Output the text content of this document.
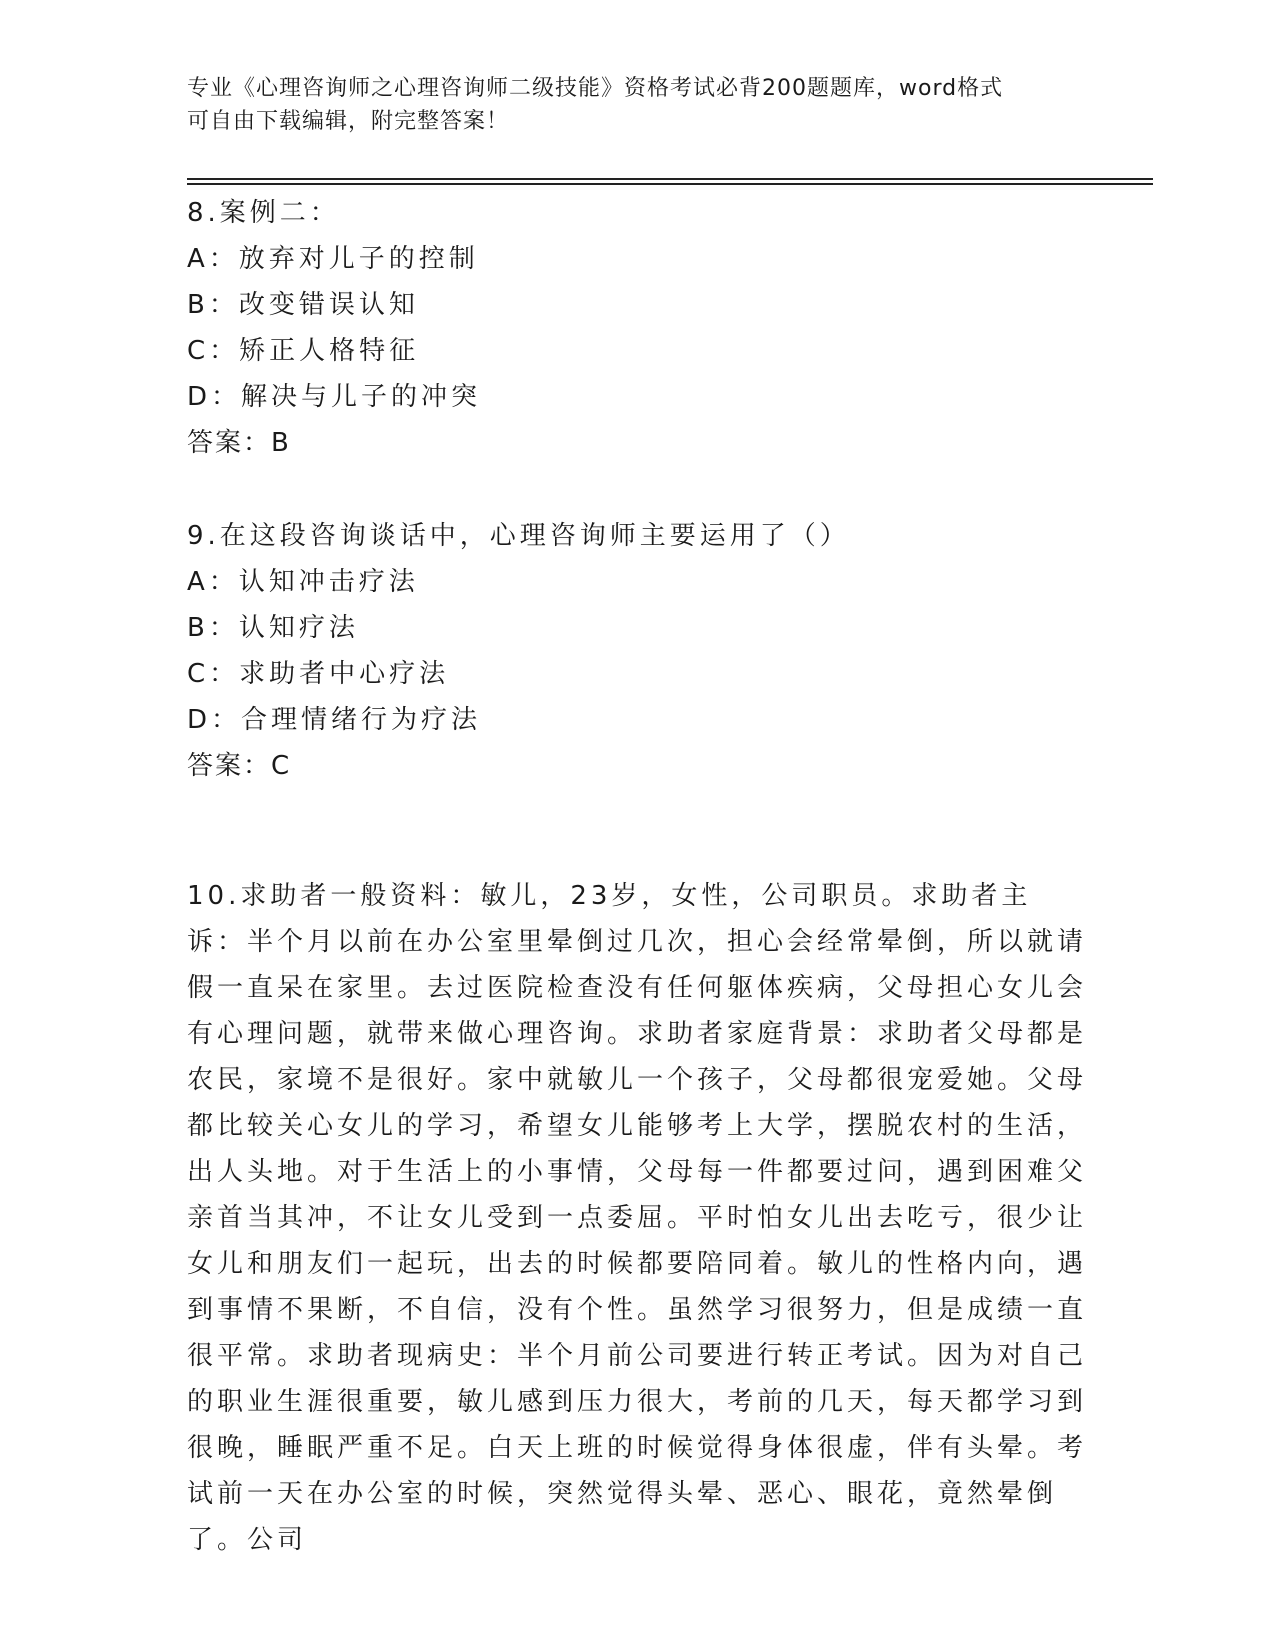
专业《心理咨询师之心理咨询师二级技能》资格考试必背200题题库，word格式
可自由下载编辑，附完整答案！
8.案例二：
A：放弃对儿子的控制
B：改变错误认知
C：矫正人格特征
D：解决与儿子的冲突
答案：B
9.在这段咨询谈话中，心理咨询师主要运用了（）
A：认知冲击疗法
B：认知疗法
C：求助者中心疗法
D：合理情绪行为疗法
答案：C

10.求助者一般资料：敏儿，23岁，女性，公司职员。求助者主诉：半个月以前在办公室里晕倒过几次，担心会经常晕倒，所以就请假一直呆在家里。去过医院检查没有任何躯体疾病，父母担心女儿会有心理问题，就带来做心理咨询。求助者家庭背景：求助者父母都是农民，家境不是很好。家中就敏儿一个孩子，父母都很宠爱她。父母都比较关心女儿的学习，希望女儿能够考上大学，摆脱农村的生活，出人头地。对于生活上的小事情，父母每一件都要过问，遇到困难父亲首当其冲，不让女儿受到一点委屈。平时怕女儿出去吃亏，很少让女儿和朋友们一起玩，出去的时候都要陪同着。敏儿的性格内向，遇到事情不果断，不自信，没有个性。虽然学习很努力，但是成绩一直很平常。求助者现病史：半个月前公司要进行转正考试。因为对自己的职业生涯很重要，敏儿感到压力很大，考前的几天，每天都学习到很晚，睡眠严重不足。白天上班的时候觉得身体很虚，伴有头晕。考试前一天在办公室的时候，突然觉得头晕、恶心、眼花，竟然晕倒了。公司
